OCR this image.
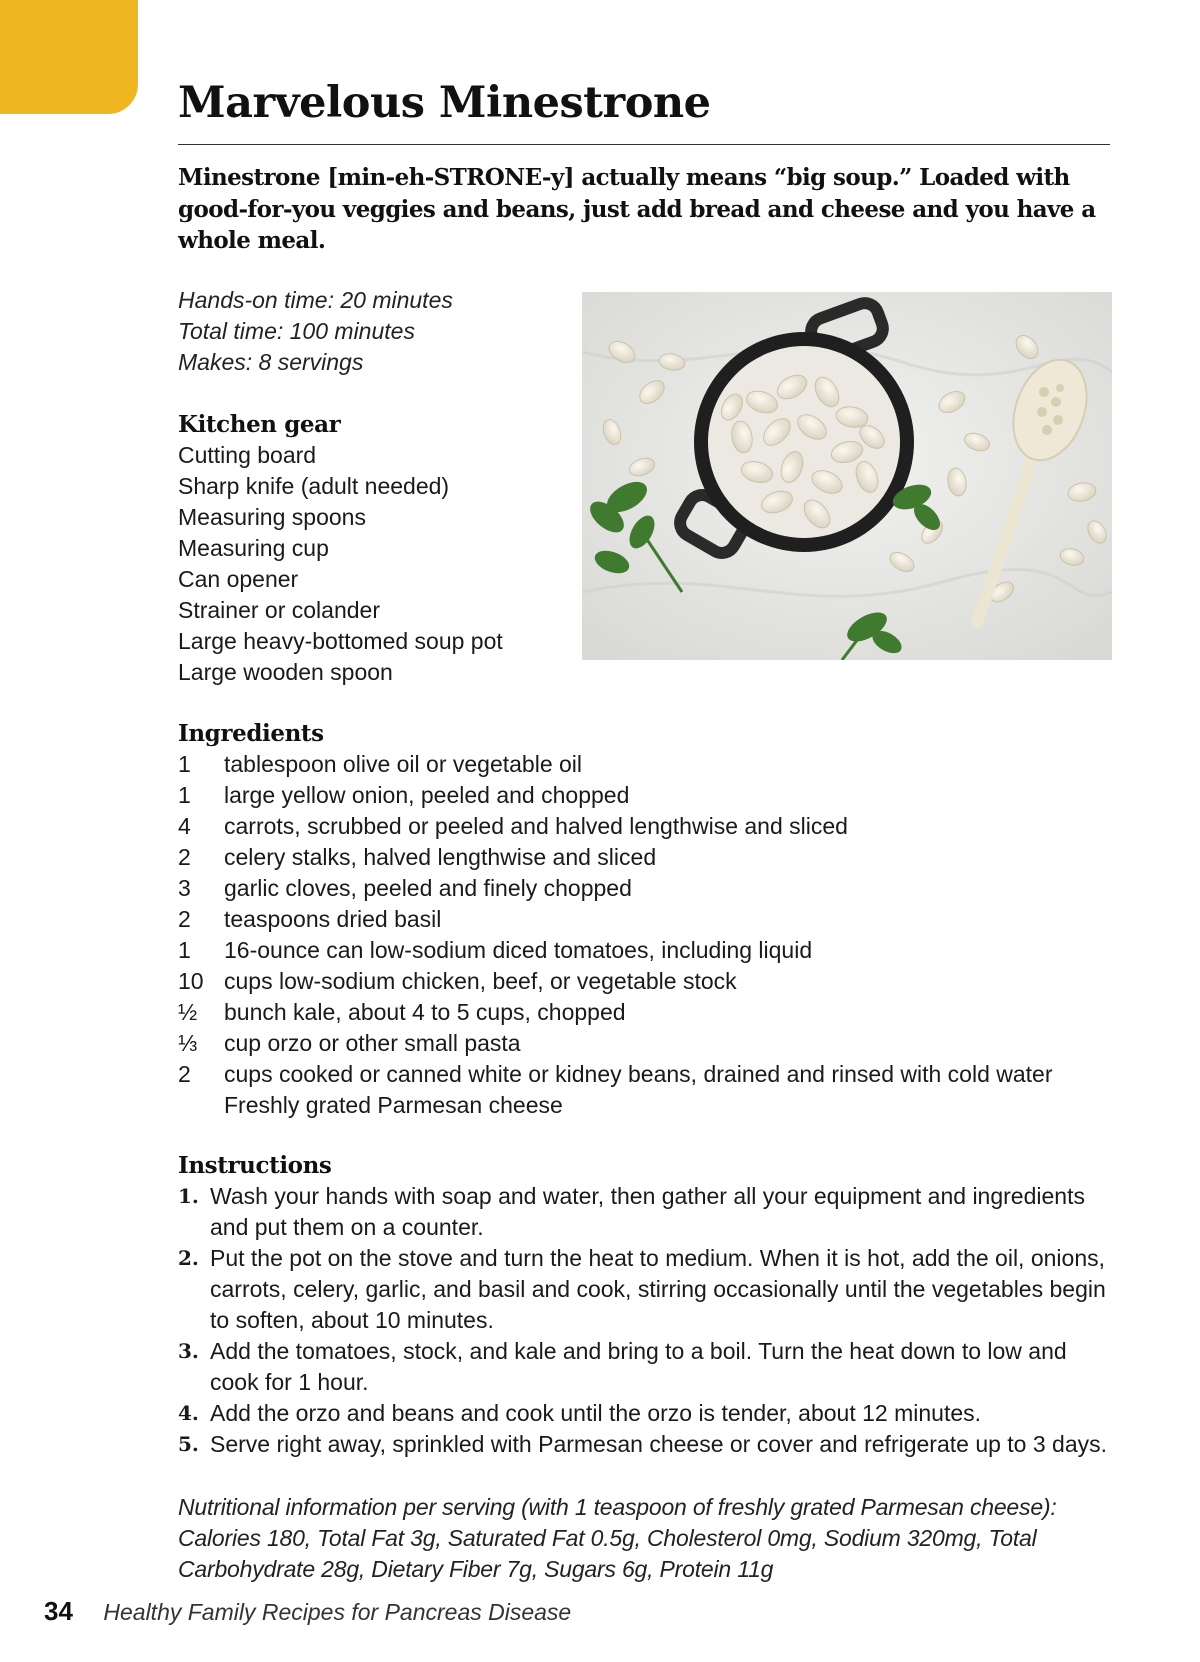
Marvelous Minestrone

Minestrone [min-eh-STRONE-y] actually means “big soup.” Loaded with good-for-you veggies and beans, just add bread and cheese and you have a whole meal.

Hands-on time: 20 minutes
Total time: 100 minutes
Makes: 8 servings
Kitchen gear
Cutting board
Sharp knife (adult needed)
Measuring spoons
Measuring cup
Can opener
Strainer or colander
Large heavy-bottomed soup pot
Large wooden spoon
Ingredients
1	tablespoon olive oil or vegetable oil
1	large yellow onion, peeled and chopped
4	carrots, scrubbed or peeled and halved lengthwise and sliced
2	celery stalks, halved lengthwise and sliced
3	garlic cloves, peeled and finely chopped
2	teaspoons dried basil
1	16-ounce can low-sodium diced tomatoes, including liquid
10 cups low-sodium chicken, beef, or vegetable stock
½	bunch kale, about 4 to 5 cups, chopped
⅓	cup orzo or other small pasta
2	cups cooked or canned white or kidney beans, drained and rinsed with cold water
Freshly grated Parmesan cheese
Instructions
1. Wash your hands with soap and water, then gather all your equipment and ingredients and put them on a counter.
2. Put the pot on the stove and turn the heat to medium. When it is hot, add the oil, onions, carrots, celery, garlic, and basil and cook, stirring occasionally until the vegetables begin to soften, about 10 minutes.
3. Add the tomatoes, stock, and kale and bring to a boil. Turn the heat down to low and cook for 1 hour.
4. Add the orzo and beans and cook until the orzo is tender, about 12 minutes.
5. Serve right away, sprinkled with Parmesan cheese or cover and refrigerate up to 3 days.

Nutritional information per serving (with 1 teaspoon of freshly grated Parmesan cheese): Calories 180, Total Fat 3g, Saturated Fat 0.5g, Cholesterol 0mg, Sodium 320mg, Total Carbohydrate 28g, Dietary Fiber 7g, Sugars 6g, Protein 11g

34 Healthy Family Recipes for Pancreas Disease
